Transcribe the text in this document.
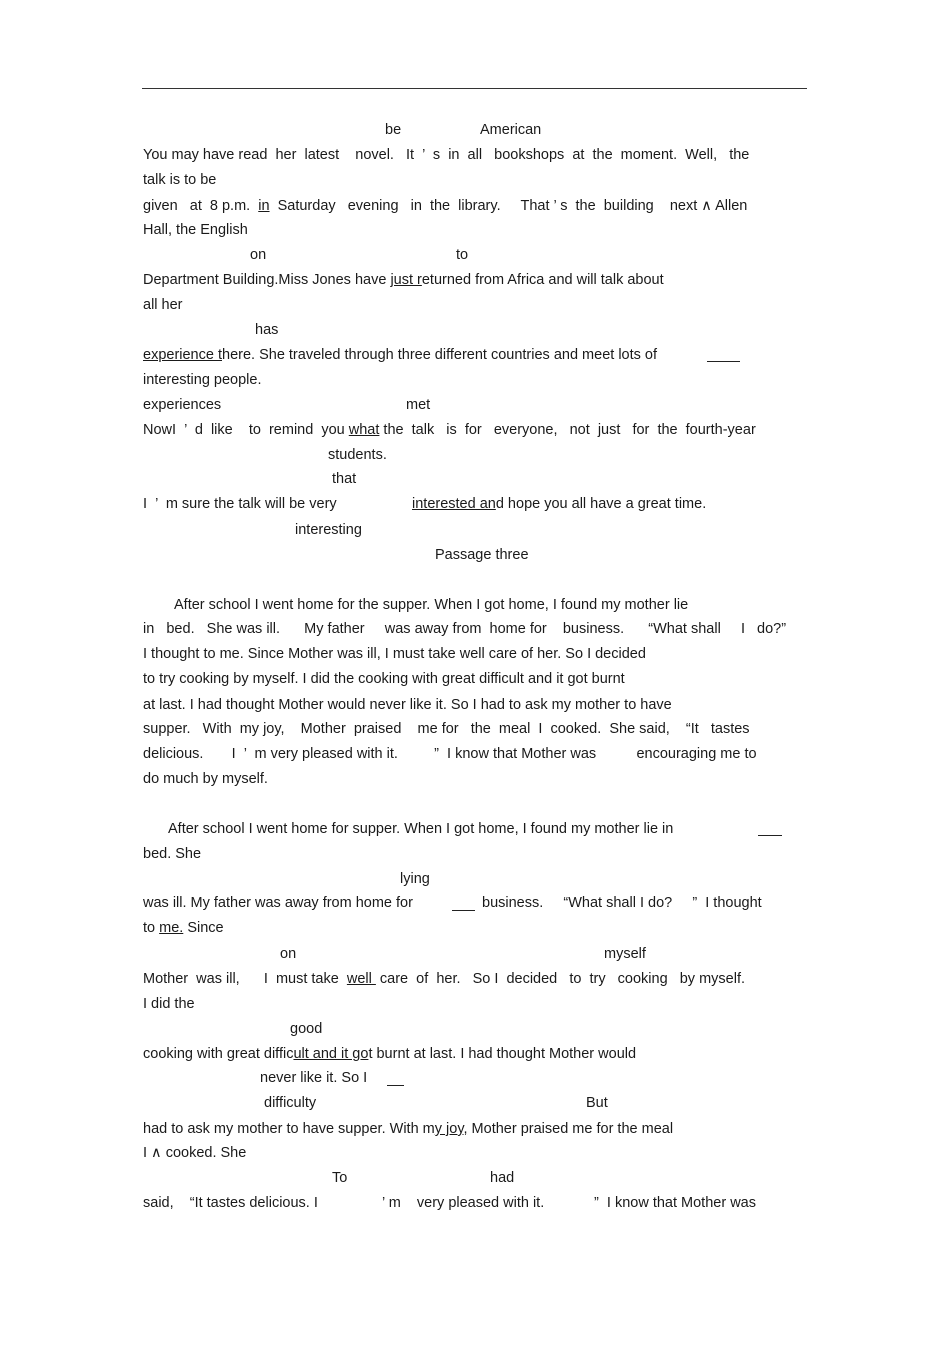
be	American
You may have read  her  latest    novel.   It  ’  s  in  all   bookshops  at  the  moment.  Well,   the
talk is to be
given   at  8 p.m.  in  Saturday   evening   in  the  library.     That ’ s  the  building    next ∧ Allen
Hall, the English
on	to
Department Building.Miss Jones have just returned from Africa and will talk about
all her
has
experience there. She traveled through three different countries and meet lots of
interesting people.
experiences	met
NowI  ’  d  like    to  remind  you what the  talk   is  for   everyone,   not  just   for  the  fourth-year
students.
that
I  ’  m sure the talk will be very	interested and hope you all have a great time.
interesting
Passage three
After school I went home for the supper. When I got home, I found my mother lie
in   bed.   She was ill.      My father     was away from  home for    business.      “What shall     I   do?”
I thought to me. Since Mother was ill, I must take well care of her. So I decided
to try cooking by myself. I did the cooking with great difficult and it got burnt
at last. I had thought Mother would never like it. So I had to ask my mother to have
supper.   With  my joy,    Mother  praised    me for   the  meal  I  cooked.  She said,    “It   tastes
delicious.       I  ’  m very pleased with it.         ”  I know that Mother was          encouraging me to
do much by myself.
After school I went home for supper. When I got home, I found my mother lie in
bed. She
lying
was ill. My father was away from home for	business.     “What shall I do?     ”  I thought
to me. Since
on	myself
Mother  was ill,      I  must take  well  care  of  her.   So I  decided   to  try   cooking   by myself.
I did the
good
cooking with great difficult and it got burnt at last. I had thought Mother would
never like it. So I
difficulty	But
had to ask my mother to have supper. With my joy, Mother praised me for the meal
I ∧ cooked. She
To	had
said,    “It tastes delicious. I	’ m    very pleased with it.	”  I know that Mother was
